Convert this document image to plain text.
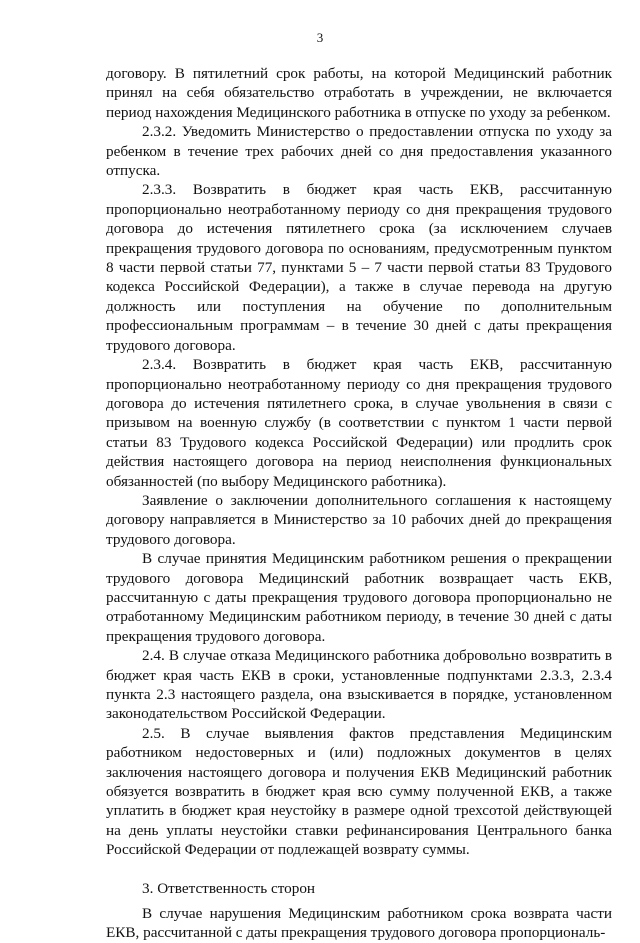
3

договору. В пятилетний срок работы, на которой Медицинский работник принял на себя обязательство отработать в учреждении, не включается период нахождения Медицинского работника в отпуске по уходу за ребенком.

2.3.2. Уведомить Министерство о предоставлении отпуска по уходу за ребенком в течение трех рабочих дней со дня предоставления указанного отпуска.

2.3.3. Возвратить в бюджет края часть ЕКВ, рассчитанную пропорционально неотработанному периоду со дня прекращения трудового договора до истечения пятилетнего срока (за исключением случаев прекращения трудового договора по основаниям, предусмотренным пунктом 8 части первой статьи 77, пунктами 5 – 7 части первой статьи 83 Трудового кодекса Российской Федерации), а также в случае перевода на другую должность или поступления на обучение по дополнительным профессиональным программам – в течение 30 дней с даты прекращения трудового договора.

2.3.4. Возвратить в бюджет края часть ЕКВ, рассчитанную пропорционально неотработанному периоду со дня прекращения трудового договора до истечения пятилетнего срока, в случае увольнения в связи с призывом на военную службу (в соответствии с пунктом 1 части первой статьи 83 Трудового кодекса Российской Федерации) или продлить срок действия настоящего договора на период неисполнения функциональных обязанностей (по выбору Медицинского работника).

Заявление о заключении дополнительного соглашения к настоящему договору направляется в Министерство за 10 рабочих дней до прекращения трудового договора.

В случае принятия Медицинским работником решения о прекращении трудового договора Медицинский работник возвращает часть ЕКВ, рассчитанную с даты прекращения трудового договора пропорционально не отработанному Медицинским работником периоду, в течение 30 дней с даты прекращения трудового договора.

2.4. В случае отказа Медицинского работника добровольно возвратить в бюджет края часть ЕКВ в сроки, установленные подпунктами 2.3.3, 2.3.4 пункта 2.3 настоящего раздела, она взыскивается в порядке, установленном законодательством Российской Федерации.

2.5. В случае выявления фактов представления Медицинским работником недостоверных и (или) подложных документов в целях заключения настоящего договора и получения ЕКВ Медицинский работник обязуется возвратить в бюджет края всю сумму полученной ЕКВ, а также уплатить в бюджет края неустойку в размере одной трехсотой действующей на день уплаты неустойки ставки рефинансирования Центрального банка Российской Федерации от подлежащей возврату суммы.

3. Ответственность сторон

В случае нарушения Медицинским работником срока возврата части ЕКВ, рассчитанной с даты прекращения трудового договора пропорциональ-
